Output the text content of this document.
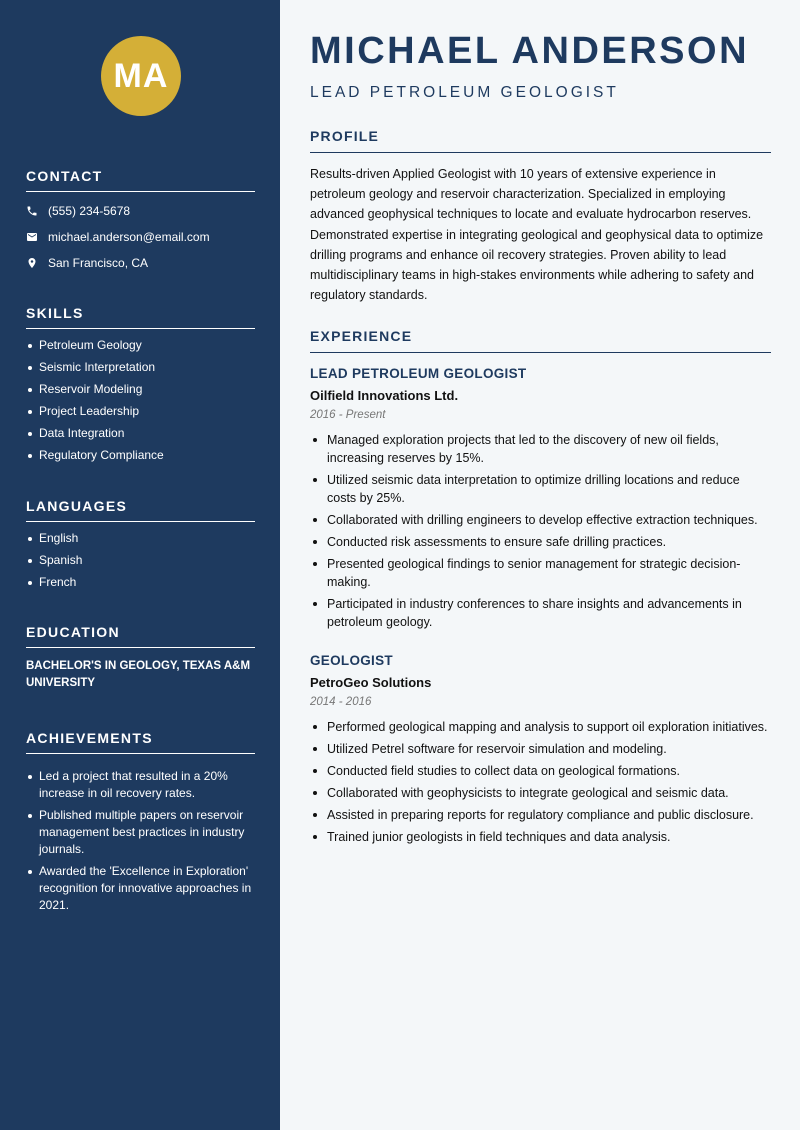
MA
CONTACT
(555) 234-5678
michael.anderson@email.com
San Francisco, CA
SKILLS
Petroleum Geology
Seismic Interpretation
Reservoir Modeling
Project Leadership
Data Integration
Regulatory Compliance
LANGUAGES
English
Spanish
French
EDUCATION
BACHELOR'S IN GEOLOGY, TEXAS A&M UNIVERSITY
ACHIEVEMENTS
Led a project that resulted in a 20% increase in oil recovery rates.
Published multiple papers on reservoir management best practices in industry journals.
Awarded the 'Excellence in Exploration' recognition for innovative approaches in 2021.
MICHAEL ANDERSON
LEAD PETROLEUM GEOLOGIST
PROFILE
Results-driven Applied Geologist with 10 years of extensive experience in petroleum geology and reservoir characterization. Specialized in employing advanced geophysical techniques to locate and evaluate hydrocarbon reserves. Demonstrated expertise in integrating geological and geophysical data to optimize drilling programs and enhance oil recovery strategies. Proven ability to lead multidisciplinary teams in high-stakes environments while adhering to safety and regulatory standards.
EXPERIENCE
LEAD PETROLEUM GEOLOGIST
Oilfield Innovations Ltd.
2016 - Present
Managed exploration projects that led to the discovery of new oil fields, increasing reserves by 15%.
Utilized seismic data interpretation to optimize drilling locations and reduce costs by 25%.
Collaborated with drilling engineers to develop effective extraction techniques.
Conducted risk assessments to ensure safe drilling practices.
Presented geological findings to senior management for strategic decision-making.
Participated in industry conferences to share insights and advancements in petroleum geology.
GEOLOGIST
PetroGeo Solutions
2014 - 2016
Performed geological mapping and analysis to support oil exploration initiatives.
Utilized Petrel software for reservoir simulation and modeling.
Conducted field studies to collect data on geological formations.
Collaborated with geophysicists to integrate geological and seismic data.
Assisted in preparing reports for regulatory compliance and public disclosure.
Trained junior geologists in field techniques and data analysis.
